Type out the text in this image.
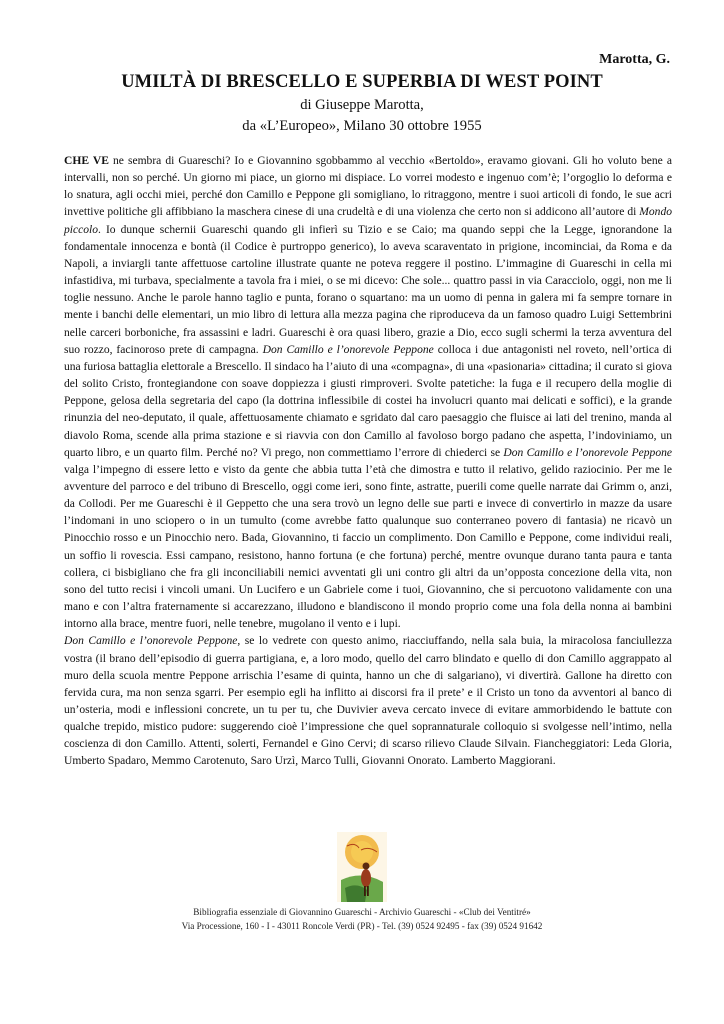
Marotta, G.
UMILTÀ DI BRESCELLO E SUPERBIA DI WEST POINT
di Giuseppe Marotta,
da «L’Europeo», Milano 30 ottobre 1955

CHE VE ne sembra di Guareschi? Io e Giovannino sgobbammo al vecchio «Bertoldo», eravamo giovani. Gli ho voluto bene a intervalli, non so perché. Un giorno mi piace, un giorno mi dispiace. Lo vorrei modesto e ingenuo com’è; l’orgoglio lo deforma e lo snatura, agli occhi miei, perché don Camillo e Peppone gli somigliano, lo ritraggono, mentre i suoi articoli di fondo, le sue acri invettive politiche gli affibbiano la maschera cinese di una crudeltà e di una violenza che certo non si addicono all’autore di Mondo piccolo. Io dunque schernii Guareschi quando gli infierì su Tizio e se Caio; ma quando seppi che la Legge, ignorandone la fondamentale innocenza e bontà (il Codice è purtroppo generico), lo aveva scaraventato in prigione, incominciai, da Roma e da Napoli, a inviargli tante affettuose cartoline illustrate quante ne poteva reggere il postino. L’immagine di Guareschi in cella mi infastidiva, mi turbava, specialmente a tavola fra i miei, o se mi dicevo: Che sole... quattro passi in via Caracciolo, oggi, non me li toglie nessuno. Anche le parole hanno taglio e punta, forano o squartano: ma un uomo di penna in galera mi fa sempre tornare in mente i banchi delle elementari, un mio libro di lettura alla mezza pagina che riproduceva da un famoso quadro Luigi Settembrini nelle carceri borboniche, fra assassini e ladri. Guareschi è ora quasi libero, grazie a Dio, ecco sugli schermi la terza avventura del suo rozzo, facinoroso prete di campagna. Don Camillo e l’onorevole Peppone colloca i due antagonisti nel roveto, nell’ortica di una furiosa battaglia elettorale a Brescello. Il sindaco ha l’aiuto di una «compagna», di una «pasionaria» cittadina; il curato si giova del solito Cristo, frontegiandone con soave doppiezza i giusti rimproveri. Svolte patetiche: la fuga e il recupero della moglie di Peppone, gelosa della segretaria del capo (la dottrina inflessibile di costei ha involucri quanto mai delicati e soffici), e la grande rinunzia del neo-deputato, il quale, affettuosamente chiamato e sgridato dal caro paesaggio che fluisce ai lati del trenino, manda al diavolo Roma, scende alla prima stazione e si riavvia con don Camillo al favoloso borgo padano che aspetta, l’indoviniamo, un quarto libro, e un quarto film. Perché no? Vi prego, non commettiamo l’errore di chiederci se Don Camillo e l’onorevole Peppone valga l’impegno di essere letto e visto da gente che abbia tutta l’età che dimostra e tutto il relativo, gelido raziocinio. Per me le avventure del parroco e del tribuno di Brescello, oggi come ieri, sono finte, astratte, puerili come quelle narrate dai Grimm o, anzi, da Collodi. Per me Guareschi è il Geppetto che una sera trovò un legno delle sue parti e invece di convertirlo in mazze da usare l’indomani in uno sciopero o in un tumulto (come avrebbe fatto qualunque suo conterraneo povero di fantasia) ne ricavò un Pinocchio rosso e un Pinocchio nero. Bada, Giovannino, ti faccio un complimento. Don Camillo e Peppone, come individui reali, un soffio li rovescia. Essi campano, resistono, hanno fortuna (e che fortuna) perché, mentre ovunque durano tanta paura e tanta collera, ci bisbigliano che fra gli inconciliabili nemici avventati gli uni contro gli altri da un’opposta concezione della vita, non sono del tutto recisi i vincoli umani. Un Lucifero e un Gabriele come i tuoi, Giovannino, che si percuotono validamente con una mano e con l’altra fraternamente si accarezzano, illudono e blandiscono il mondo proprio come una fola della nonna ai bambini intorno alla brace, mentre fuori, nelle tenebre, mugolano il vento e i lupi.

Don Camillo e l’onorevole Peppone, se lo vedrete con questo animo, riacciuffando, nella sala buia, la miracolosa fanciullezza vostra (il brano dell’episodio di guerra partigiana, e, a loro modo, quello del carro blindato e quello di don Camillo aggrappato al muro della scuola mentre Peppone arrischia l’esame di quinta, hanno un che di salgariano), vi divertirà. Gallone ha diretto con fervida cura, ma non senza sgarri. Per esempio egli ha inflitto ai discorsi fra il prete’ e il Cristo un tono da avventori al banco di un’osteria, modi e inflessioni concrete, un tu per tu, che Duvivier aveva cercato invece di evitare ammorbidendo le battute con qualche trepido, mistico pudore: suggerendo cioè l’impressione che quel soprannaturale colloquio si svolgesse nell’intimo, nella coscienza di don Camillo. Attenti, solerti, Fernandel e Gino Cervi; di scarso rilievo Claude Silvain. Fiancheggiatori: Leda Gloria, Umberto Spadaro, Memmo Carotenuto, Saro Urzì, Marco Tulli, Giovanni Onorato. Lamberto Maggiorani.

Bibliografia essenziale di Giovannino Guareschi - Archivio Guareschi - «Club dei Ventitré»
Via Processione, 160 - I - 43011 Roncole Verdi (PR) - Tel. (39) 0524 92495 - fax (39) 0524 91642
